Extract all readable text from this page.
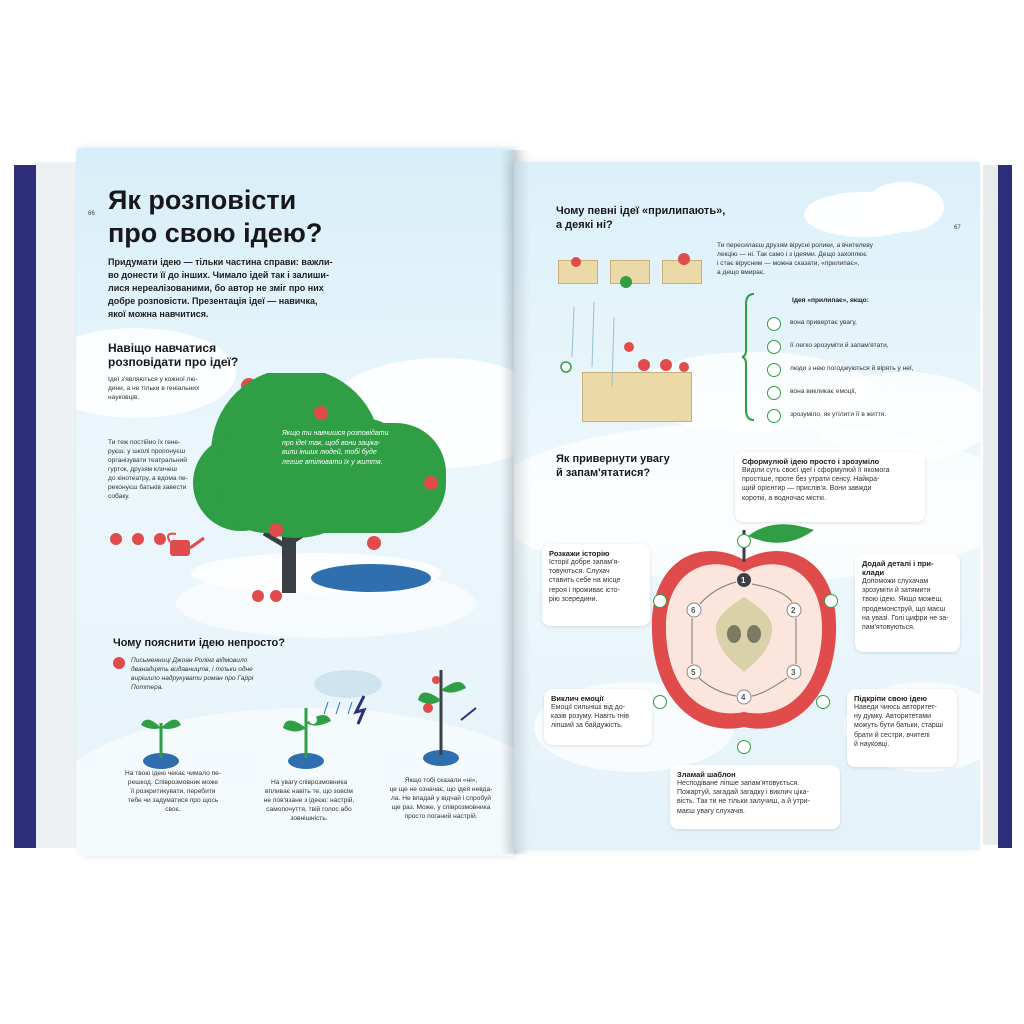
66 Як розповісти
про свою ідею?
Придумати ідею — тільки частина справи: важли-
во донести її до інших. Чимало ідей так і залиши-
лися нереалізованими, бо автор не зміг про них
добре розповісти. Презентація ідеї — навичка,
якої можна навчитися.
Навіщо навчатися
розповідати про ідеї?
Ідеї з'являються у кожної лю-
дини, а не тільки в геніальних
науковців.
Ти теж постійно їх гене-
руєш: у школі пропонуєш
організувати театральний
гурток, друзям кличеш
до кінотеатру, а вдома пе-
реконуєш батьків завести
собаку.
Якщо ти навчишся розповідати
про ідеї так, щоб вони заціка-
вили інших людей, тобі буде
легше втілювати їх у життя.
Чому пояснити ідею непросто?
Письменниці Джоан Ролінг відмовило
дванадцять видавництв, і тільки одне
вирішило надрукувати роман про Гаррі
Поттера.
На твою ідею чекає чимало пе-
решкод. Співрозмовник може
її розкритикувати, перебити
тебе чи задуматися про щось
своє.
На увагу співрозмовника
впливає навіть те, що зовсім
не пов'язане з ідеєю: настрій,
самопочуття, твій голос або
зовнішність.
Якщо тобі сказали «ні»,
це ще не означає, що ідея невда-
ла. Не впадай у відчай і спробуй
ще раз. Може, у співрозмовника
просто поганий настрій.
67
Чому певні ідеї «прилипають»,
а деякі ні?
Ти пересилаєш друзям вірусні ролики, а вчителеву
лекцію — ні. Так само і з ідеями. Дещо захоплює
і стає вірусним — можна сказати, «прилипає»,
а дещо вмирає.
Ідея «прилипає», якщо:
вона привертає увагу,
її легко зрозуміти й запам'ятати,
люди з нею погоджуються й вірять у неї,
вона викликає емоції,
зрозуміло, як утілити її в життя.
Як привернути увагу
й запам'ятатися?
1
2
3
4
5
6
Сформулюй ідею просто і зрозуміло
Виділи суть своєї ідеї і сформулюй її якомога
простіше, проте без утрати сенсу. Найкра-
щий орієнтир — прислів'я. Вони завжди
короткі, а водночас місткі.
Розкажи історію
Історії добре запам'я-
товуються. Слухач
ставить себе на місце
героя і проживає істо-
рію зсередини.
Додай деталі і при-
клади
Допоможи слухачам
зрозуміти й затямити
твою ідею. Якщо можеш,
продемонструй, що маєш
на увазі. Голі цифри не за-
пам'ятовуються.
Виклич емоції
Емоції сильніші від до-
казів розуму. Навіть гнів
ліпший за байдужість.
Підкріпи свою ідею
Наведи чиюсь авторитет-
ну думку. Авторитетами
можуть бути батьки, старші
брати й сестри, вчителі
й науковці.
Зламай шаблон
Несподіване ліпше запам'ятовується.
Пожартуй, загадай загадку і виклич ціка-
вість. Так ти не тільки залучиш, а й утри-
маєш увагу слухачів.
